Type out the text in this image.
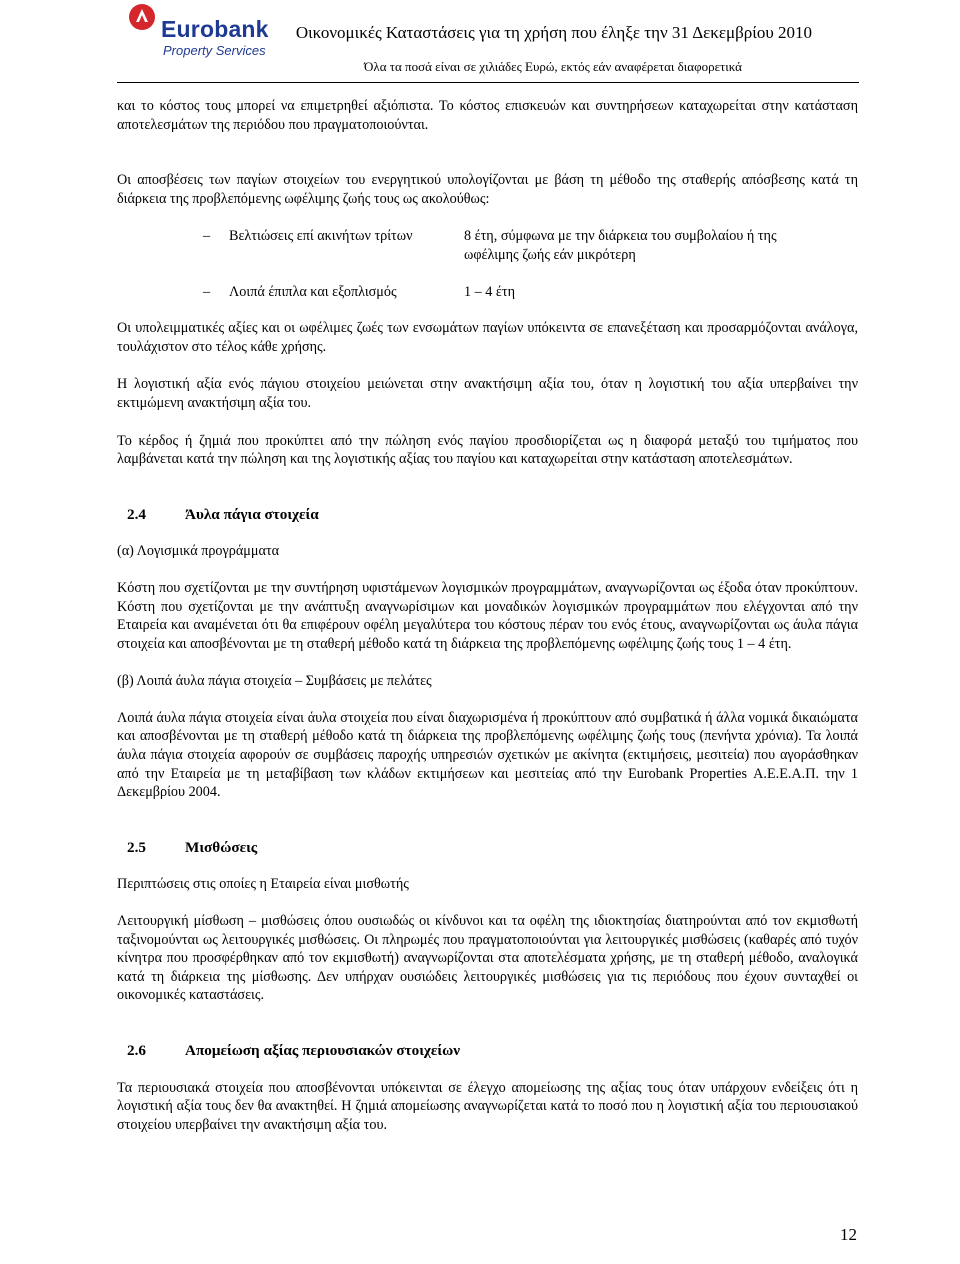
Eurobank
Property Services
Οικονομικές Καταστάσεις για τη χρήση που έληξε την 31 Δεκεμβρίου 2010
Όλα τα ποσά είναι σε χιλιάδες Ευρώ, εκτός εάν αναφέρεται διαφορετικά

και το κόστος τους μπορεί να επιμετρηθεί αξιόπιστα. Το κόστος επισκευών και συντηρήσεων καταχωρείται στην κατάσταση αποτελεσμάτων της περιόδου που πραγματοποιούνται.

Οι αποσβέσεις των παγίων στοιχείων του ενεργητικού υπολογίζονται με βάση τη μέθοδο της σταθερής απόσβεσης κατά τη διάρκεια της προβλεπόμενης ωφέλιμης ζωής τους ως ακολούθως:

–	Βελτιώσεις επί ακινήτων τρίτων	8 έτη, σύμφωνα με την διάρκεια του συμβολαίου ή της ωφέλιμης ζωής εάν μικρότερη
–	Λοιπά έπιπλα και εξοπλισμός	1 – 4 έτη

Οι υπολειμματικές αξίες και οι ωφέλιμες ζωές των ενσωμάτων παγίων υπόκειντα σε επανεξέταση και προσαρμόζονται ανάλογα, τουλάχιστον στο τέλος κάθε χρήσης.

Η λογιστική αξία ενός πάγιου στοιχείου μειώνεται στην ανακτήσιμη αξία του, όταν η λογιστική του αξία υπερβαίνει την εκτιμώμενη ανακτήσιμη αξία του.

Το κέρδος ή ζημιά που προκύπτει από την πώληση ενός παγίου προσδιορίζεται ως η διαφορά μεταξύ του τιμήματος που λαμβάνεται κατά την πώληση και της λογιστικής αξίας του παγίου και καταχωρείται στην κατάσταση αποτελεσμάτων.

2.4	Άυλα πάγια στοιχεία

(α) Λογισμικά προγράμματα

Κόστη που σχετίζονται με την συντήρηση υφιστάμενων λογισμικών προγραμμάτων, αναγνωρίζονται ως έξοδα όταν προκύπτουν. Κόστη που σχετίζονται με την ανάπτυξη αναγνωρίσιμων και μοναδικών λογισμικών προγραμμάτων που ελέγχονται από την Εταιρεία και αναμένεται ότι θα επιφέρουν οφέλη μεγαλύτερα του κόστους πέραν του ενός έτους, αναγνωρίζονται ως άυλα πάγια στοιχεία και αποσβένονται με τη σταθερή μέθοδο κατά τη διάρκεια της προβλεπόμενης ωφέλιμης ζωής τους 1 – 4 έτη.

(β) Λοιπά άυλα πάγια στοιχεία – Συμβάσεις με πελάτες

Λοιπά άυλα πάγια στοιχεία είναι άυλα στοιχεία που είναι διαχωρισμένα ή προκύπτουν από συμβατικά ή άλλα νομικά δικαιώματα και αποσβένονται με τη σταθερή μέθοδο κατά τη διάρκεια της προβλεπόμενης ωφέλιμης ζωής τους (πενήντα χρόνια). Τα λοιπά άυλα πάγια στοιχεία αφορούν σε συμβάσεις παροχής υπηρεσιών σχετικών με ακίνητα (εκτιμήσεις, μεσιτεία) που αγοράσθηκαν από την Εταιρεία με τη μεταβίβαση των κλάδων εκτιμήσεων και μεσιτείας από την Eurobank Properties Α.Ε.Ε.Α.Π. την 1 Δεκεμβρίου 2004.

2.5	Μισθώσεις

Περιπτώσεις στις οποίες η Εταιρεία είναι μισθωτής

Λειτουργική μίσθωση – μισθώσεις όπου ουσιωδώς οι κίνδυνοι και τα οφέλη της ιδιοκτησίας διατηρούνται από τον εκμισθωτή ταξινομούνται ως λειτουργικές μισθώσεις. Οι πληρωμές που πραγματοποιούνται για λειτουργικές μισθώσεις (καθαρές από τυχόν κίνητρα που προσφέρθηκαν από τον εκμισθωτή) αναγνωρίζονται στα αποτελέσματα χρήσης, με τη σταθερή μέθοδο, αναλογικά κατά τη διάρκεια της μίσθωσης. Δεν υπήρχαν ουσιώδεις λειτουργικές μισθώσεις για τις περιόδους που έχουν συνταχθεί οι οικονομικές καταστάσεις.

2.6	Απομείωση αξίας περιουσιακών στοιχείων

Τα περιουσιακά στοιχεία που αποσβένονται υπόκεινται σε έλεγχο απομείωσης της αξίας τους όταν υπάρχουν ενδείξεις ότι η λογιστική αξία τους δεν θα ανακτηθεί. Η ζημιά απομείωσης αναγνωρίζεται κατά το ποσό που η λογιστική αξία του περιουσιακού στοιχείου υπερβαίνει την ανακτήσιμη αξία του.

12
